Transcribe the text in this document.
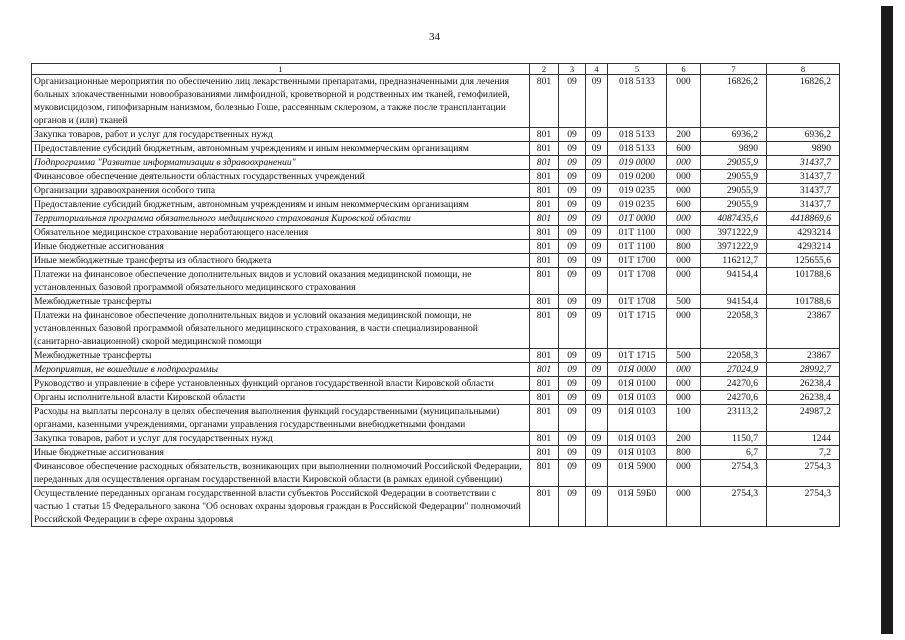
34
1	2	3	4	5	6	7	8
Организационные мероприятия по обеспечению лиц лекарственными препаратами, предназначенными для лечения больных злокачественными новообразованиями лимфоидной, кроветворной и родственных им тканей, гемофилией, муковисцидозом, гипофизарным нанизмом, болезнью Гоше, рассеянным склерозом, а также после трансплантации органов и (или) тканей	801	09	09	018 5133	000	16826,2	16826,2
Закупка товаров, работ и услуг для государственных нужд	801	09	09	018 5133	200	6936,2	6936,2
Предоставление субсидий бюджетным, автономным учреждениям и иным некоммерческим организациям	801	09	09	018 5133	600	9890	9890
Подпрограмма "Развитие информатизации в здравоохранении"	801	09	09	019 0000	000	29055,9	31437,7
Финансовое обеспечение деятельности областных государственных учреждений	801	09	09	019 0200	000	29055,9	31437,7
Организации здравоохранения особого типа	801	09	09	019 0235	000	29055,9	31437,7
Предоставление субсидий бюджетным, автономным учреждениям и иным некоммерческим организациям	801	09	09	019 0235	600	29055,9	31437,7
Территориальная программа обязательного медицинского страхования Кировской области	801	09	09	01Т 0000	000	4087435,6	4418869,6
Обязательное медицинское страхование неработающего населения	801	09	09	01Т 1100	000	3971222,9	4293214
Иные бюджетные ассигнования	801	09	09	01Т 1100	800	3971222,9	4293214
Иные межбюджетные трансферты из областного бюджета	801	09	09	01Т 1700	000	116212,7	125655,6
Платежи на финансовое обеспечение дополнительных видов и условий оказания медицинской помощи, не установленных базовой программой обязательного медицинского страхования	801	09	09	01Т 1708	000	94154,4	101788,6
Межбюджетные трансферты	801	09	09	01Т 1708	500	94154,4	101788,6
Платежи на финансовое обеспечение дополнительных видов и условий оказания медицинской помощи, не установленных базовой программой обязательного медицинского страхования, в части специализированной (санитарно-авиационной) скорой медицинской помощи	801	09	09	01Т 1715	000	22058,3	23867
Межбюджетные трансферты	801	09	09	01Т 1715	500	22058,3	23867
Мероприятия, не вошедшие в подпрограммы	801	09	09	01Я 0000	000	27024,9	28992,7
Руководство и управление в сфере установленных функций органов государственной власти Кировской области	801	09	09	01Я 0100	000	24270,6	26238,4
Органы исполнительной власти Кировской области	801	09	09	01Я 0103	000	24270,6	26238,4
Расходы на выплаты персоналу в целях обеспечения выполнения функций государственными (муниципальными) органами, казенными учреждениями, органами управления государственными внебюджетными фондами	801	09	09	01Я 0103	100	23113,2	24987,2
Закупка товаров, работ и услуг для государственных нужд	801	09	09	01Я 0103	200	1150,7	1244
Иные бюджетные ассигнования	801	09	09	01Я 0103	800	6,7	7,2
Финансовое обеспечение расходных обязательств, возникающих при выполнении полномочий Российской Федерации, переданных для осуществления органам государственной власти Кировской области (в рамках единой субвенции)	801	09	09	01Я 5900	000	2754,3	2754,3
Осуществление переданных органам государственной власти субъектов Российской Федерации в соответствии с частью 1 статьи 15 Федерального закона "Об основах охраны здоровья граждан в Российской Федерации" полномочий Российской Федерации в сфере охраны здоровья	801	09	09	01Я 59Б0	000	2754,3	2754,3
